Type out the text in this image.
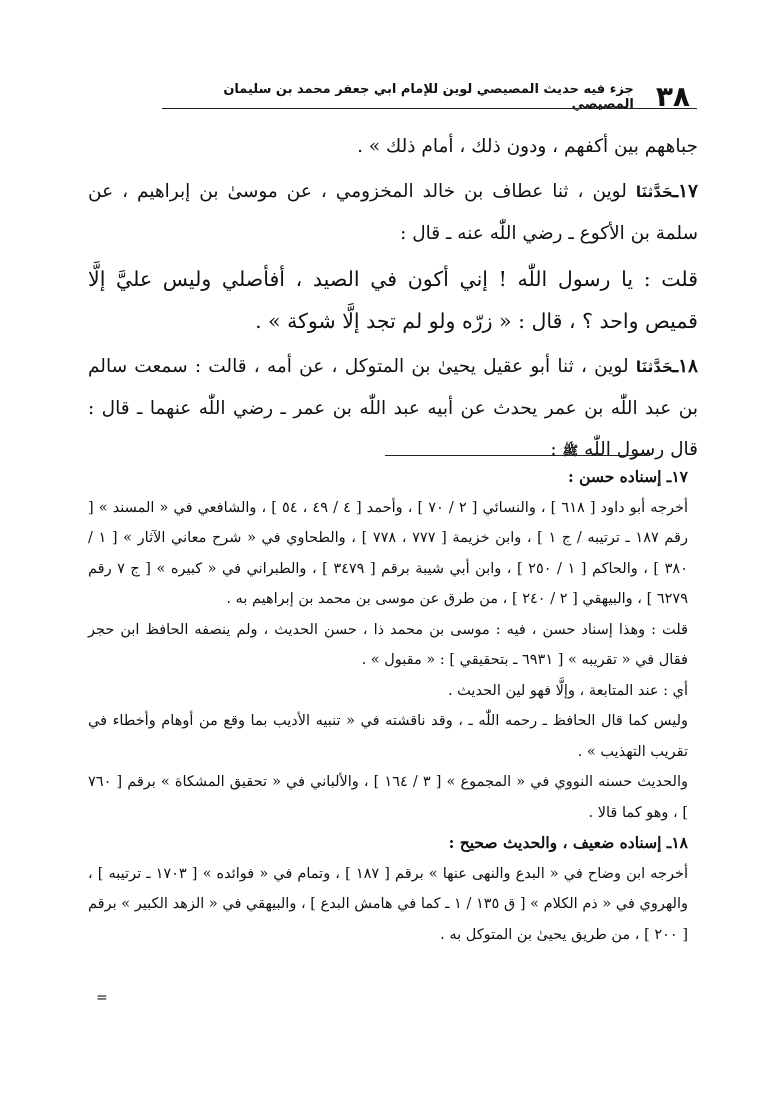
٣٨
جزء فيه حديث المصيصي لوين للإمام ابي جعفر محمد بن سليمان المصيصي

جباههم بين أكفهم ، ودون ذلك ، أمام ذلك » .

١٧ـحَدَّثنَا لوين ، ثنا عطاف بن خالد المخزومي ، عن موسىٰ بن إبراهيم ، عن سلمة بن الأكوع ـ رضي اللّٰه عنه ـ قال :

قلت : يا رسول اللّٰه ! إني أكون في الصيد ، أفأصلي وليس عليَّ إلَّا قميص واحد ؟ ، قال : « زرّه ولو لم تجد إلَّا شوكة » .

١٨ـحَدَّثنَا لوين ، ثنا أبو عقيل يحيىٰ بن المتوكل ، عن أمه ، قالت : سمعت سالم بن عبد اللّٰه بن عمر يحدث عن أبيه عبد اللّٰه بن عمر ـ رضي اللّٰه عنهما ـ قال : قال رسول اللّٰه ﷺ :

١٧ـ إسناده حسن :

أخرجه أبو داود [ ٦١٨ ] ، والنسائي [ ٢ / ٧٠ ] ، وأحمد [ ٤ / ٤٩ ، ٥٤ ] ، والشافعي في « المسند » [ رقم ١٨٧ ـ ترتيبه / ج ١ ] ، وابن خزيمة [ ٧٧٧ ، ٧٧٨ ] ، والطحاوي في « شرح معاني الآثار » [ ١ / ٣٨٠ ] ، والحاكم [ ١ / ٢٥٠ ] ، وابن أبي شيبة برقم [ ٣٤٧٩ ] ، والطبراني في « كبيره » [ ج ٧ رقم ٦٢٧٩ ] ، والبيهقي [ ٢ / ٢٤٠ ] ، من طرق عن موسى بن محمد بن إبراهيم به .

قلت : وهذا إسناد حسن ، فيه : موسى بن محمد ذا ، حسن الحديث ، ولم ينصفه الحافظ ابن حجر فقال في « تقريبه » [ ٦٩٣١ ـ بتحقيقي ] : « مقبول » .

أي : عند المتابعة ، وإلَّا فهو لين الحديث .

وليس كما قال الحافظ ـ رحمه اللّٰه ـ ، وقد ناقشته في « تنبيه الأديب بما وقع من أوهام وأخطاء في تقريب التهذيب » .

والحديث حسنه النووي في « المجموع » [ ٣ / ١٦٤ ] ، والألباني في « تحقيق المشكاة » برقم [ ٧٦٠ ] ، وهو كما قالا .

١٨ـ إسناده ضعيف ، والحديث صحيح :

أخرجه ابن وضاح في « البدع والنهى عنها » برقم [ ١٨٧ ] ، وتمام في « فوائده » [ ١٧٠٣ ـ ترتيبه ] ، والهروي في « ذم الكلام » [ ق ١٣٥ / ١ ـ كما في هامش البدع ] ، والبيهقي في « الزهد الكبير » برقم [ ٢٠٠ ] ، من طريق يحيىٰ بن المتوكل به .

=
